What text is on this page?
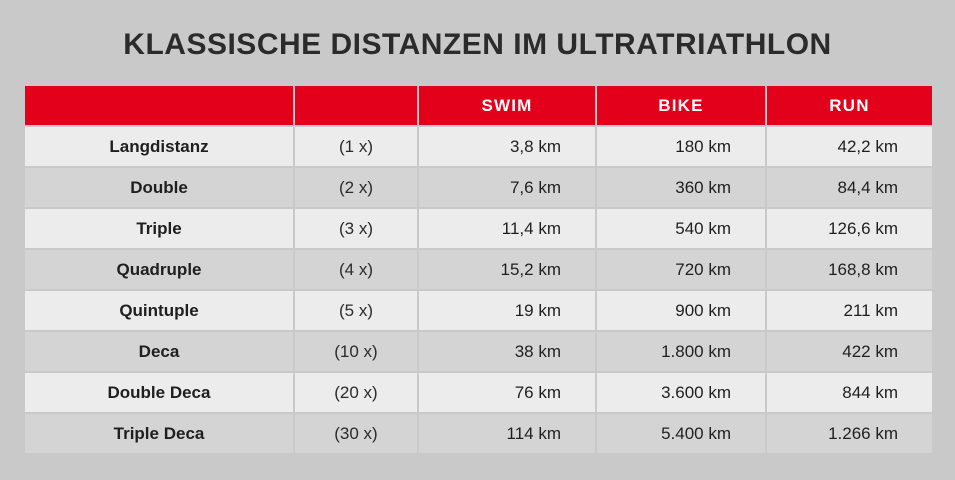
KLASSISCHE DISTANZEN IM ULTRATRIATHLON
		SWIM	BIKE	RUN
Langdistanz	(1 x)	3,8 km	180 km	42,2 km
Double	(2 x)	7,6 km	360 km	84,4 km
Triple	(3 x)	11,4 km	540 km	126,6 km
Quadruple	(4 x)	15,2 km	720 km	168,8 km
Quintuple	(5 x)	19 km	900 km	211 km
Deca	(10 x)	38 km	1.800 km	422 km
Double Deca	(20 x)	76 km	3.600 km	844 km
Triple Deca	(30 x)	114 km	5.400 km	1.266 km
